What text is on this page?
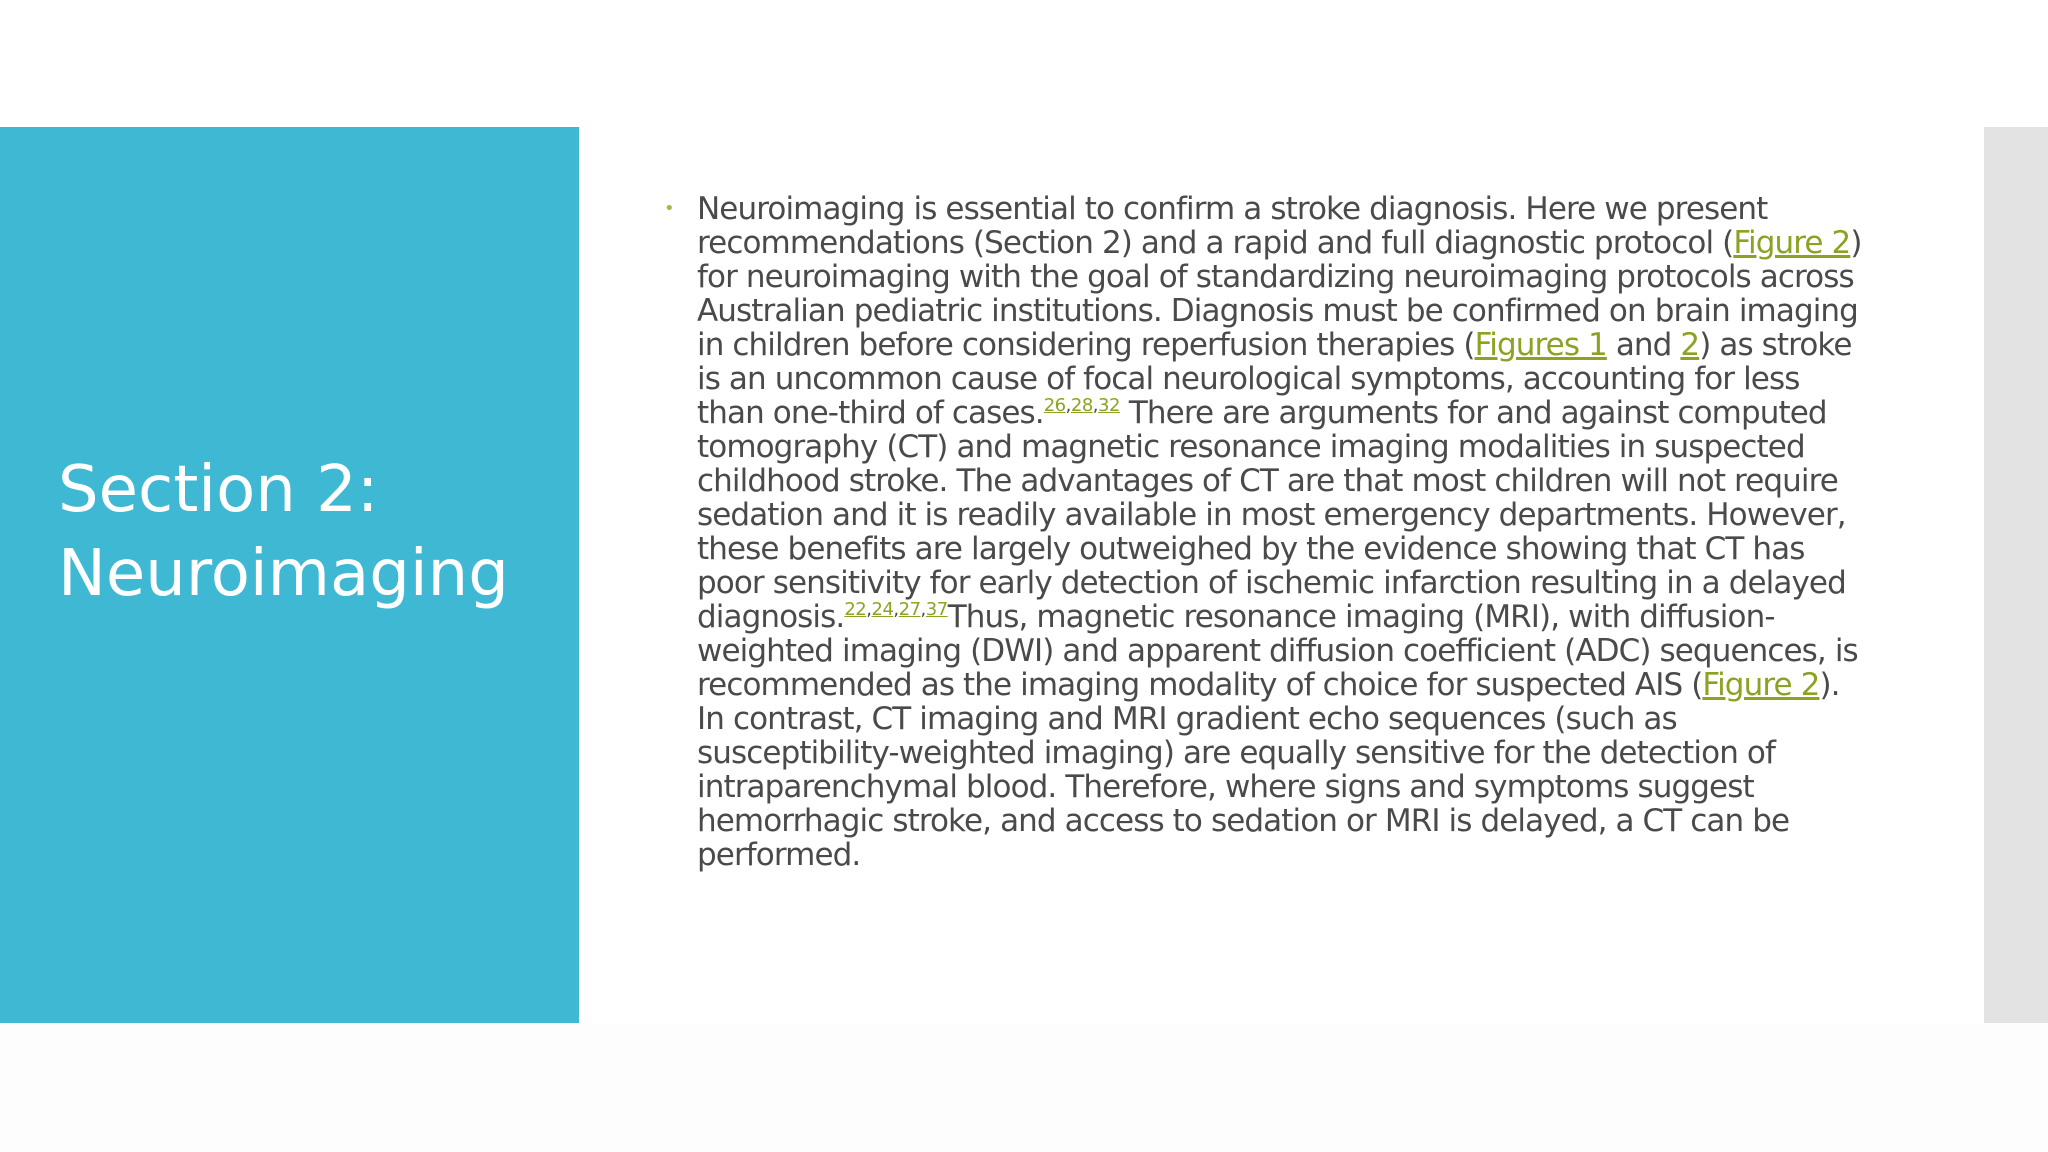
Section 2:
Neuroimaging
• Neuroimaging is essential to confirm a stroke diagnosis. Here we present recommendations (Section 2) and a rapid and full diagnostic protocol (Figure 2) for neuroimaging with the goal of standardizing neuroimaging protocols across Australian pediatric institutions. Diagnosis must be confirmed on brain imaging in children before considering reperfusion therapies (Figures 1 and 2) as stroke is an uncommon cause of focal neurological symptoms, accounting for less than one-third of cases.$^{26,28,32}$ There are arguments for and against computed tomography (CT) and magnetic resonance imaging modalities in suspected childhood stroke. The advantages of CT are that most children will not require sedation and it is readily available in most emergency departments. However, these benefits are largely outweighed by the evidence showing that CT has poor sensitivity for early detection of ischemic infarction resulting in a delayed diagnosis.$^{22,24,27,37}$Thus, magnetic resonance imaging (MRI), with diffusion-weighted imaging (DWI) and apparent diffusion coefficient (ADC) sequences, is recommended as the imaging modality of choice for suspected AIS (Figure 2). In contrast, CT imaging and MRI gradient echo sequences (such as susceptibility-weighted imaging) are equally sensitive for the detection of intraparenchymal blood. Therefore, where signs and symptoms suggest hemorrhagic stroke, and access to sedation or MRI is delayed, a CT can be performed.
